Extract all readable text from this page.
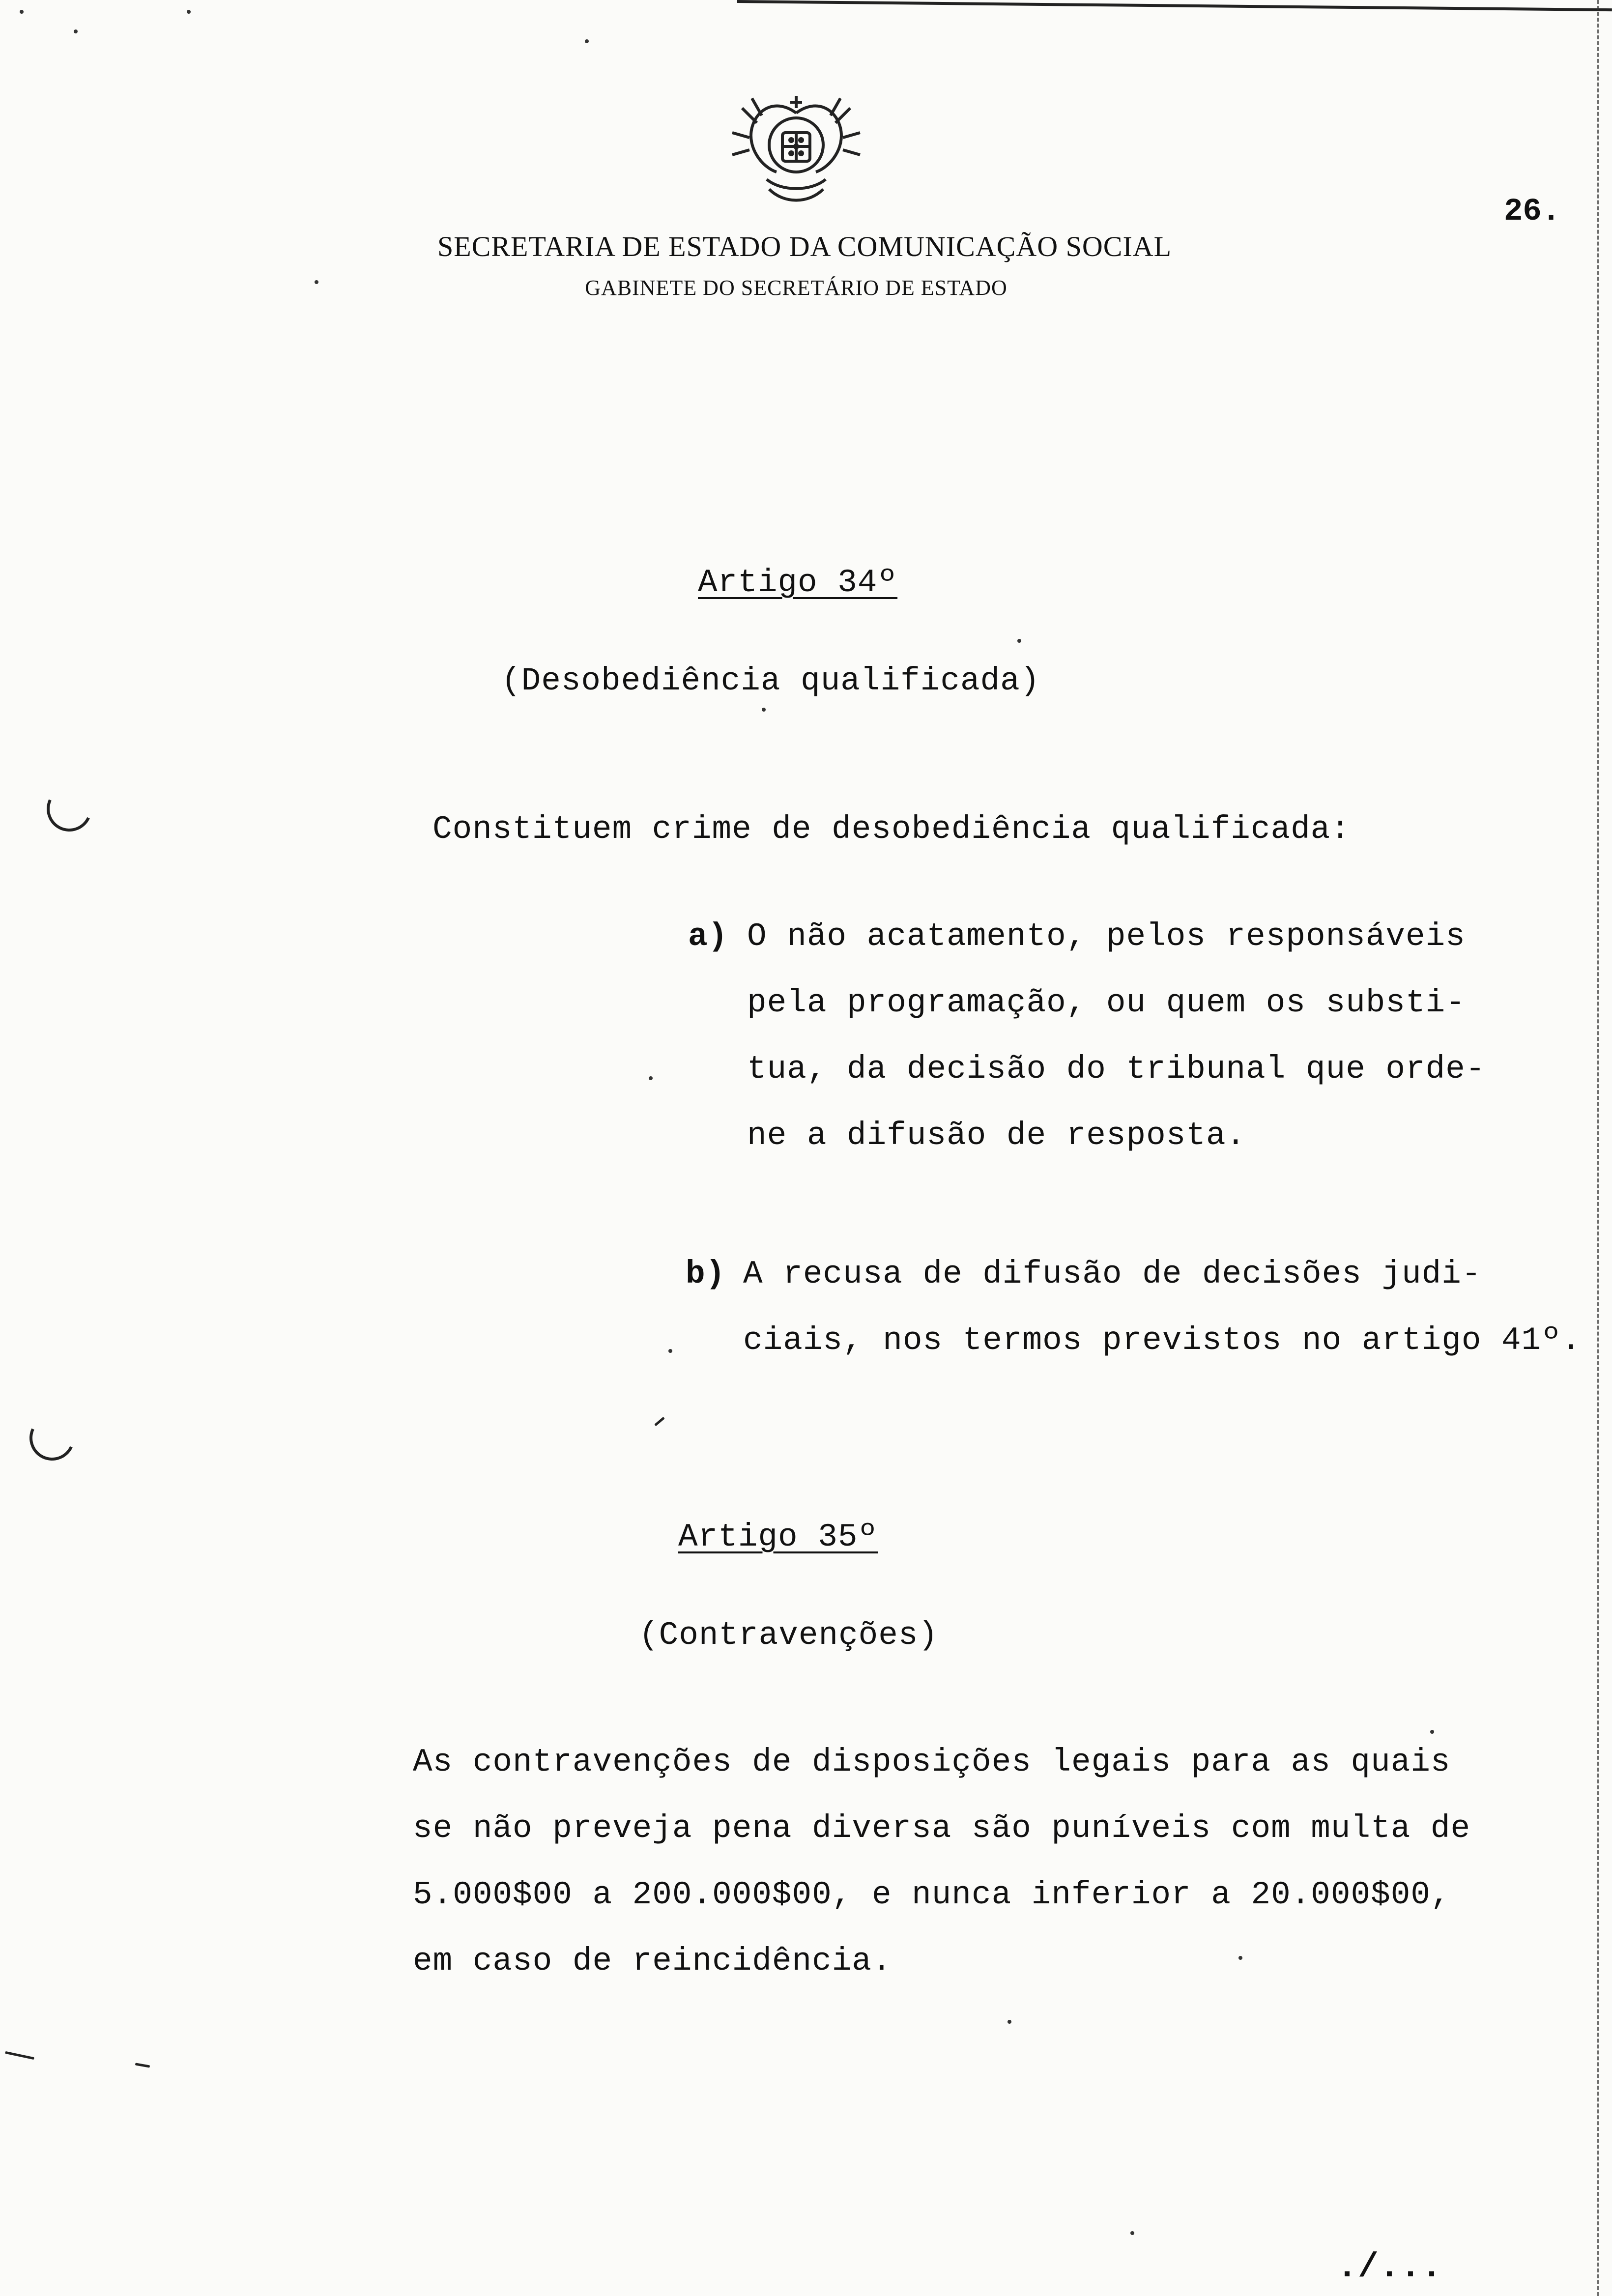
SECRETARIA DE ESTADO DA COMUNICAÇÃO SOCIAL
GABINETE DO SECRETÁRIO DE ESTADO
26.
Artigo 34º
(Desobediência qualificada)
Constituem crime de desobediência qualificada:
a) O não acatamento, pelos responsáveis
pela programação, ou quem os substi-
tua, da decisão do tribunal que orde-
ne a difusão de resposta.
b) A recusa de difusão de decisões judi-
ciais, nos termos previstos no artigo 41º.
Artigo 35º
(Contravenções)
As contravenções de disposições legais para as quais
se não preveja pena diversa são puníveis com multa de
5.000$00 a 200.000$00, e nunca inferior a 20.000$00,
em caso de reincidência.
./...
